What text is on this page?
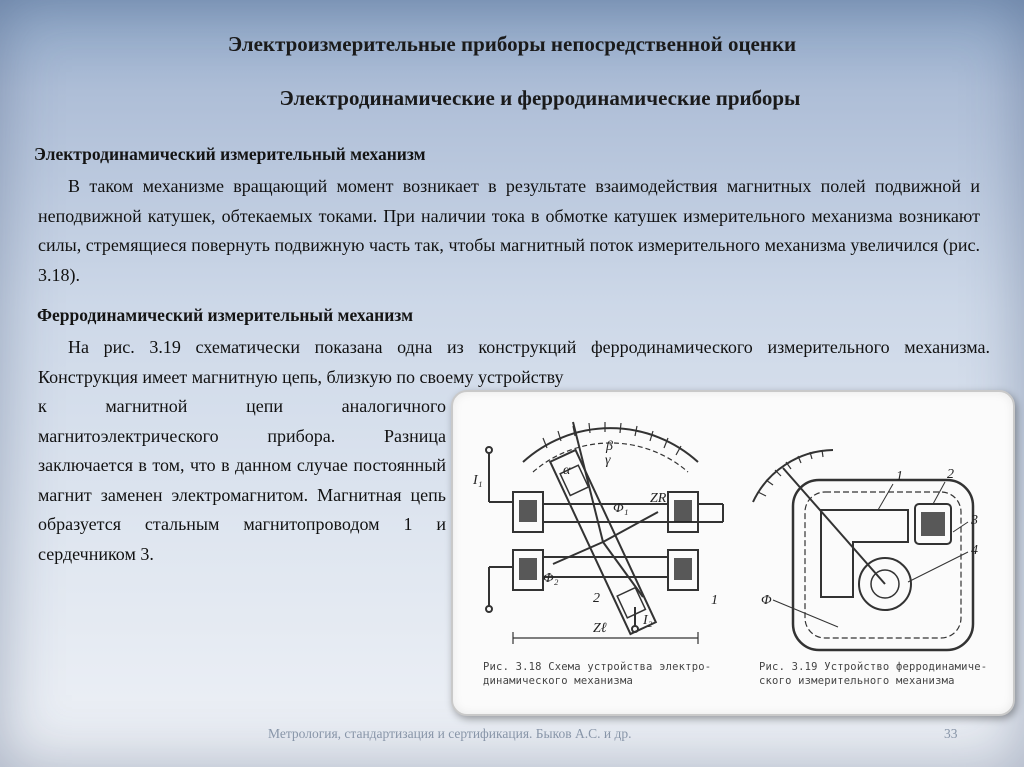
Электроизмерительные приборы непосредственной оценки
Электродинамические и ферродинамические приборы
Электродинамический измерительный механизм
В таком механизме вращающий момент возникает в результате взаимодействия магнитных полей подвижной и неподвижной катушек, обтекаемых токами. При наличии тока в обмотке катушек измерительного механизма возникают силы, стремящиеся повернуть подвижную часть так, чтобы магнитный поток измерительного механизма увеличился (рис. 3.18).
Ферродинамический измерительный механизм
На рис. 3.19 схематически показана одна из конструкций ферродинамического измерительного механизма. Конструкция имеет магнитную цепь, близкую по своему устройству
к магнитной цепи аналогичного магнитоэлектрического прибора. Разница заключается в том, что в данном случае постоянный магнит заменен электромагнитом. Магнитная цепь образуется стальным магнитопроводом 1 и сердечником 3.
I₁
I₂
Φ₁
Φ₂
α
β
γ
ZR
Zℓ
1
2
1	2
3
4
Φ
Рис. 3.18 Схема устройства электро-динамического механизма
Рис. 3.19 Устройство ферродинамиче-ского измерительного механизма
Метрология, стандартизация и сертификация. Быков А.С. и др.	33
